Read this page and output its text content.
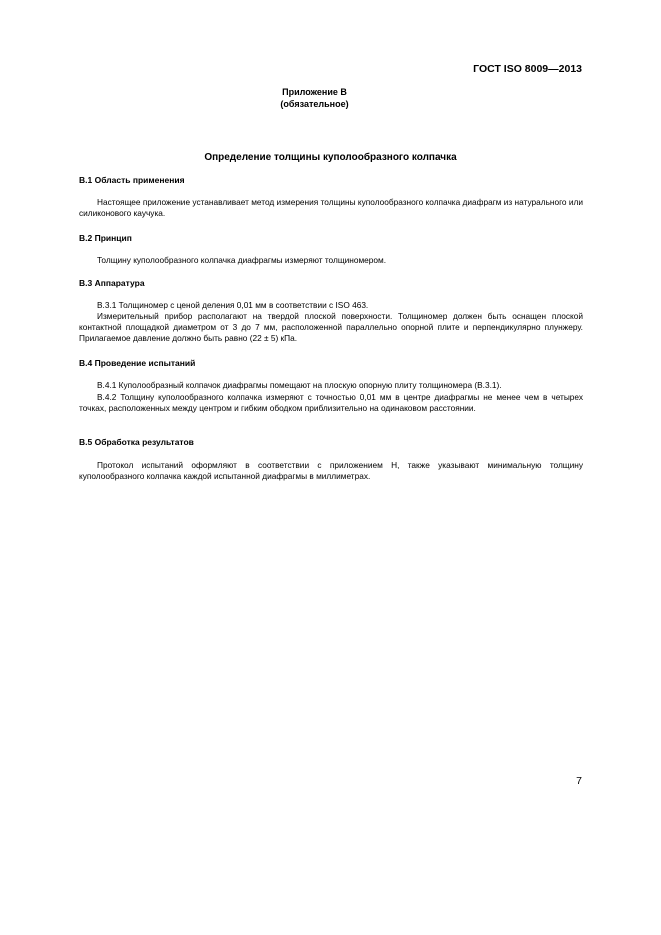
ГОСТ ISO 8009—2013
Приложение В
(обязательное)
Определение толщины куполообразного колпачка
В.1 Область применения
Настоящее приложение устанавливает метод измерения толщины куполообразного колпачка диафрагм из натурального или силиконового каучука.
В.2 Принцип
Толщину куполообразного колпачка диафрагмы измеряют толщиномером.
В.3 Аппаратура
В.3.1 Толщиномер с ценой деления 0,01 мм в соответствии с ISO 463.
Измерительный прибор располагают на твердой плоской поверхности. Толщиномер должен быть оснащен плоской контактной площадкой диаметром от 3 до 7 мм, расположенной параллельно опорной плите и перпендикулярно плунжеру. Прилагаемое давление должно быть равно (22 ± 5) кПа.
В.4 Проведение испытаний
В.4.1 Куполообразный колпачок диафрагмы помещают на плоскую опорную плиту толщиномера (В.3.1).
В.4.2 Толщину куполообразного колпачка измеряют с точностью 0,01 мм в центре диафрагмы не менее чем в четырех точках, расположенных между центром и гибким ободком приблизительно на одинаковом расстоянии.
В.5 Обработка результатов
Протокол испытаний оформляют в соответствии с приложением Н, также указывают минимальную толщину куполообразного колпачка каждой испытанной диафрагмы в миллиметрах.
7
